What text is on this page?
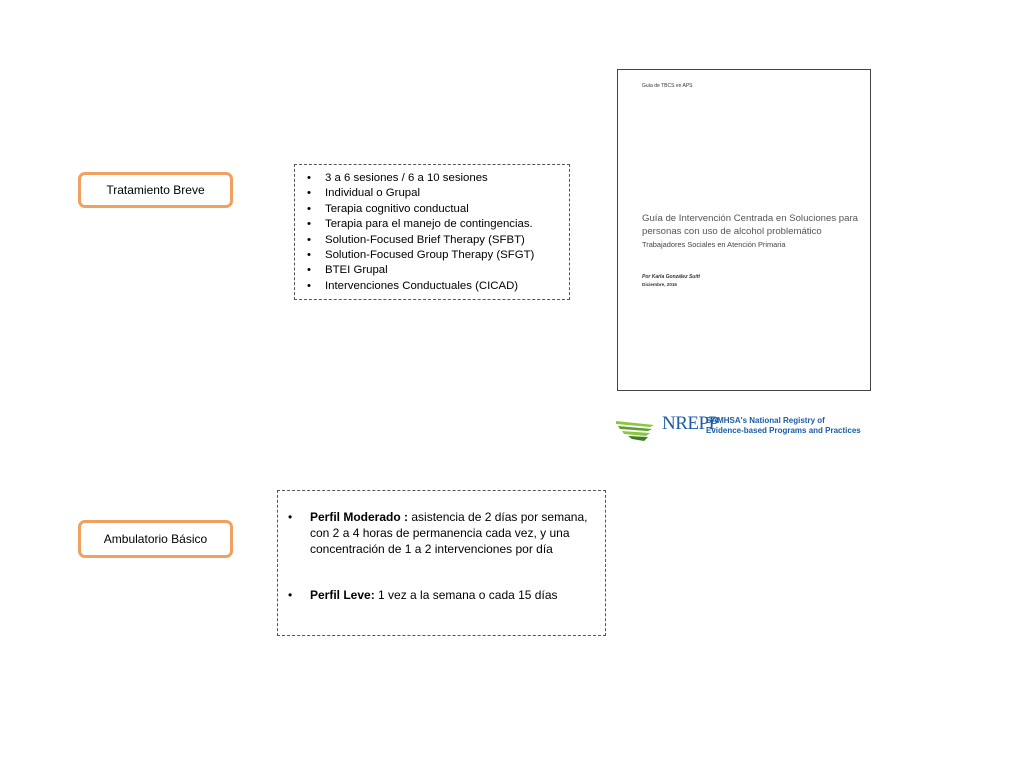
Tratamiento Breve
Ambulatorio Básico
• 3 a 6 sesiones / 6 a 10 sesiones
• Individual o Grupal
• Terapia cognitivo conductual
• Terapia para el manejo de contingencias.
• Solution-Focused Brief Therapy (SFBT)
• Solution-Focused Group Therapy (SFGT)
• BTEI Grupal
• Intervenciones Conductuales (CICAD)
• Perfil Moderado : asistencia de 2 días por semana, con 2 a 4 horas de permanencia cada vez, y una concentración de 1 a 2 intervenciones por día
• Perfil Leve: 1 vez a la semana o cada 15 días
Guía de TBCS en APS
Guía de Intervención Centrada en Soluciones para personas con uso de alcohol problemático
Trabajadores Sociales en Atención Primaria
Por Karla González Suitt
Diciembre, 2016
NREPP
SAMHSA's National Registry of
Evidence-based Programs and Practices
